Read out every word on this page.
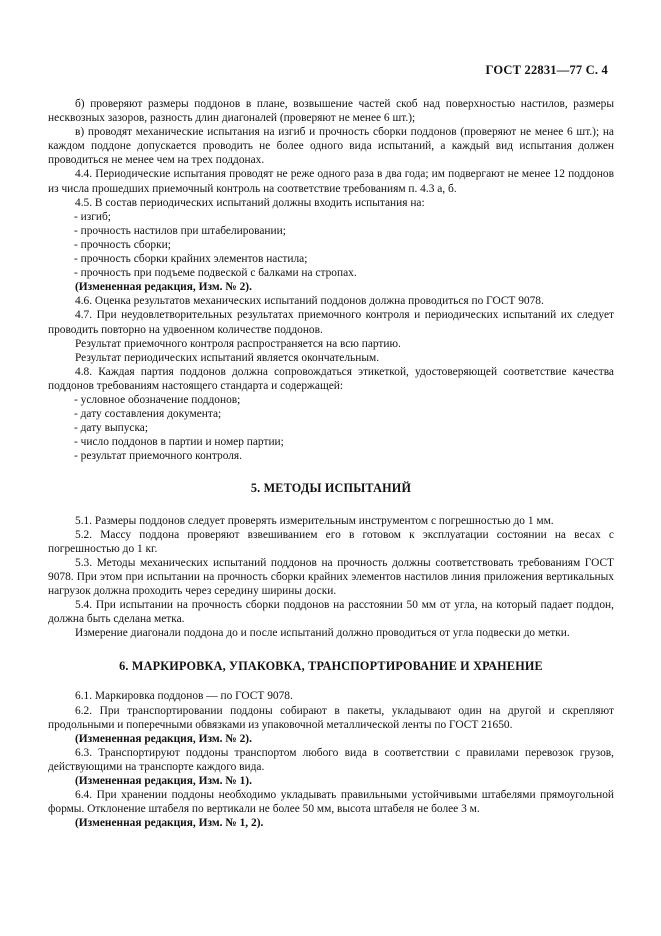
ГОСТ 22831—77 С. 4

б) проверяют размеры поддонов в плане, возвышение частей скоб над поверхностью настилов, размеры несквозных зазоров, разность длин диагоналей (проверяют не менее 6 шт.);

в) проводят механические испытания на изгиб и прочность сборки поддонов (проверяют не менее 6 шт.); на каждом поддоне допускается проводить не более одного вида испытаний, а каждый вид испытания должен проводиться не менее чем на трех поддонах.

4.4. Периодические испытания проводят не реже одного раза в два года; им подвергают не менее 12 поддонов из числа прошедших приемочный контроль на соответствие требованиям п. 4.3 а, б.

4.5. В состав периодических испытаний должны входить испытания на:

- изгиб;

- прочность настилов при штабелировании;

- прочность сборки;

- прочность сборки крайних элементов настила;

- прочность при подъеме подвеской с балками на стропах.

(Измененная редакция, Изм. № 2).

4.6. Оценка результатов механических испытаний поддонов должна проводиться по ГОСТ 9078.

4.7. При неудовлетворительных результатах приемочного контроля и периодических испытаний их следует проводить повторно на удвоенном количестве поддонов.

Результат приемочного контроля распространяется на всю партию.

Результат периодических испытаний является окончательным.

4.8. Каждая партия поддонов должна сопровождаться этикеткой, удостоверяющей соответствие качества поддонов требованиям настоящего стандарта и содержащей:

- условное обозначение поддонов;

- дату составления документа;

- дату выпуска;

- число поддонов в партии и номер партии;

- результат приемочного контроля.

5. МЕТОДЫ ИСПЫТАНИЙ

5.1. Размеры поддонов следует проверять измерительным инструментом с погрешностью до 1 мм.

5.2. Массу поддона проверяют взвешиванием его в готовом к эксплуатации состоянии на весах с погрешностью до 1 кг.

5.3. Методы механических испытаний поддонов на прочность должны соответствовать требованиям ГОСТ 9078. При этом при испытании на прочность сборки крайних элементов настилов линия приложения вертикальных нагрузок должна проходить через середину ширины доски.

5.4. При испытании на прочность сборки поддонов на расстоянии 50 мм от угла, на который падает поддон, должна быть сделана метка.

Измерение диагонали поддона до и после испытаний должно проводиться от угла подвески до метки.

6. МАРКИРОВКА, УПАКОВКА, ТРАНСПОРТИРОВАНИЕ И ХРАНЕНИЕ

6.1. Маркировка поддонов — по ГОСТ 9078.

6.2. При транспортировании поддоны собирают в пакеты, укладывают один на другой и скрепляют продольными и поперечными обвязками из упаковочной металлической ленты по ГОСТ 21650.

(Измененная редакция, Изм. № 2).

6.3. Транспортируют поддоны транспортом любого вида в соответствии с правилами перевозок грузов, действующими на транспорте каждого вида.

(Измененная редакция, Изм. № 1).

6.4. При хранении поддоны необходимо укладывать правильными устойчивыми штабелями прямоугольной формы. Отклонение штабеля по вертикали не более 50 мм, высота штабеля не более 3 м.

(Измененная редакция, Изм. № 1, 2).
